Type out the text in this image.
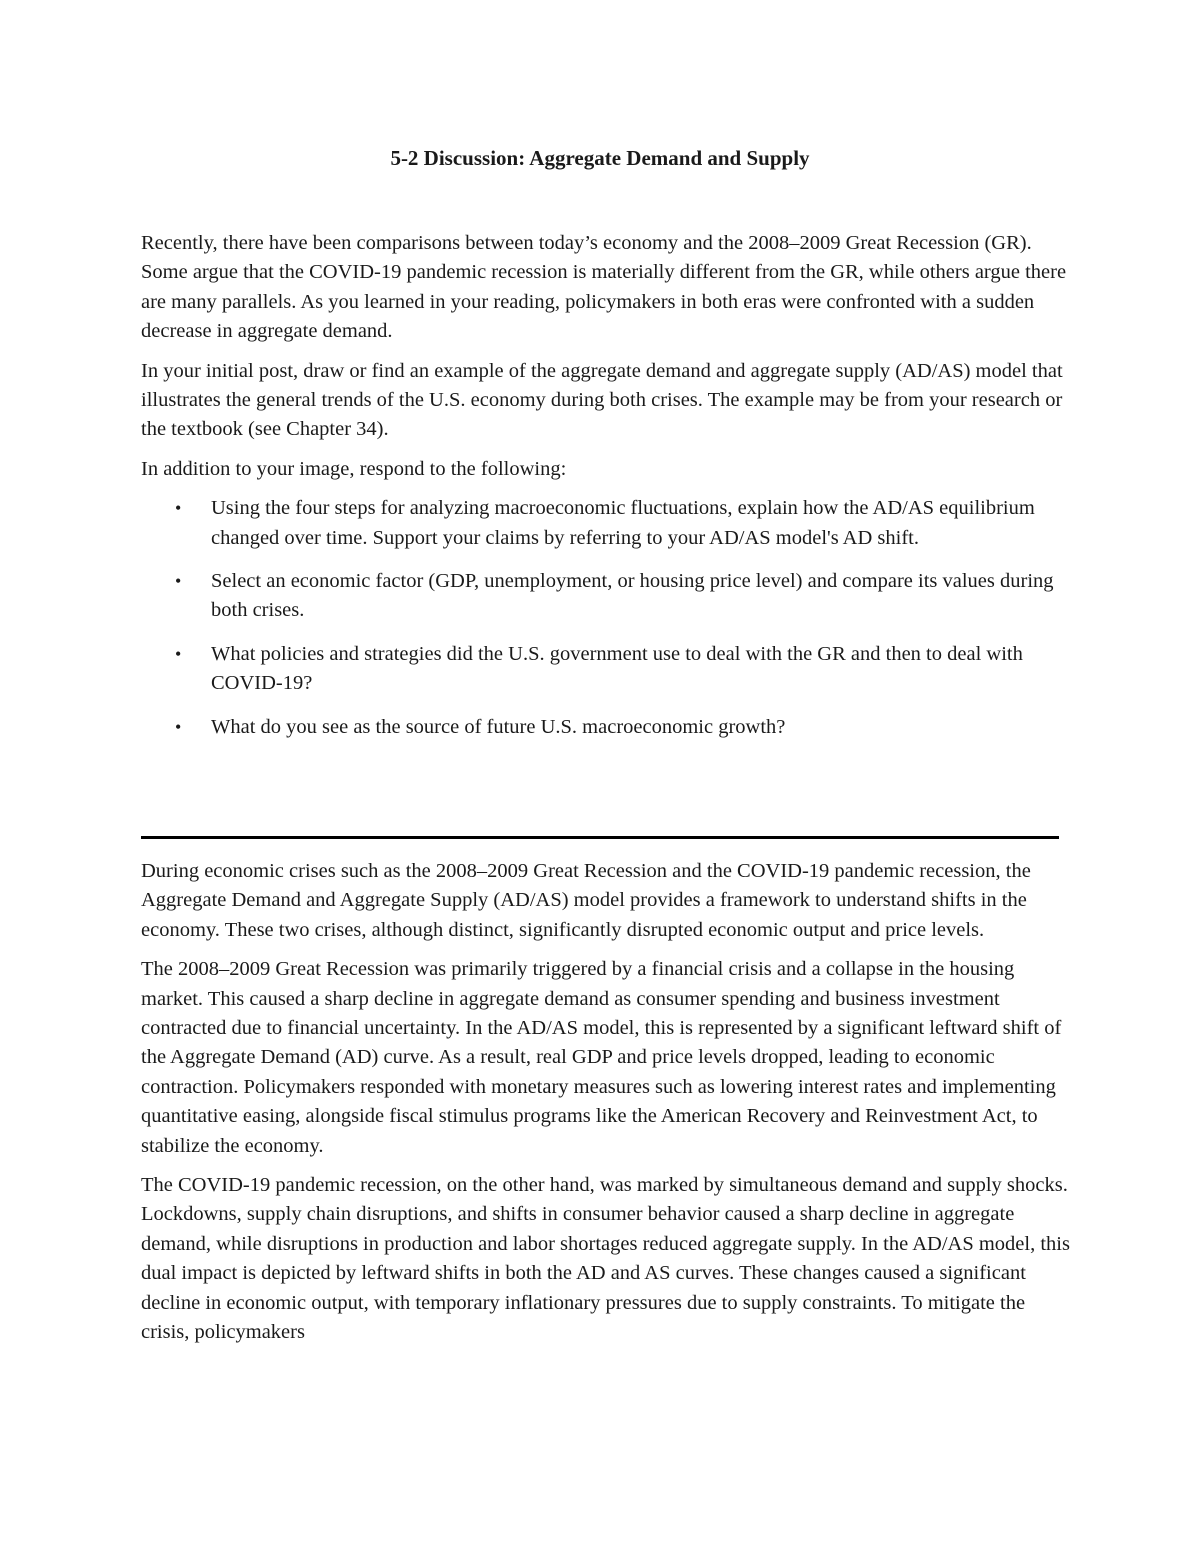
5-2 Discussion: Aggregate Demand and Supply

Recently, there have been comparisons between today’s economy and the 2008–2009 Great Recession (GR). Some argue that the COVID-19 pandemic recession is materially different from the GR, while others argue there are many parallels. As you learned in your reading, policymakers in both eras were confronted with a sudden decrease in aggregate demand.

In your initial post, draw or find an example of the aggregate demand and aggregate supply (AD/AS) model that illustrates the general trends of the U.S. economy during both crises. The example may be from your research or the textbook (see Chapter 34).

In addition to your image, respond to the following:

• Using the four steps for analyzing macroeconomic fluctuations, explain how the AD/AS equilibrium changed over time. Support your claims by referring to your AD/AS model's AD shift.
• Select an economic factor (GDP, unemployment, or housing price level) and compare its values during both crises.
• What policies and strategies did the U.S. government use to deal with the GR and then to deal with COVID-19?
• What do you see as the source of future U.S. macroeconomic growth?

During economic crises such as the 2008–2009 Great Recession and the COVID-19 pandemic recession, the Aggregate Demand and Aggregate Supply (AD/AS) model provides a framework to understand shifts in the economy. These two crises, although distinct, significantly disrupted economic output and price levels.

The 2008–2009 Great Recession was primarily triggered by a financial crisis and a collapse in the housing market. This caused a sharp decline in aggregate demand as consumer spending and business investment contracted due to financial uncertainty. In the AD/AS model, this is represented by a significant leftward shift of the Aggregate Demand (AD) curve. As a result, real GDP and price levels dropped, leading to economic contraction. Policymakers responded with monetary measures such as lowering interest rates and implementing quantitative easing, alongside fiscal stimulus programs like the American Recovery and Reinvestment Act, to stabilize the economy.

The COVID-19 pandemic recession, on the other hand, was marked by simultaneous demand and supply shocks. Lockdowns, supply chain disruptions, and shifts in consumer behavior caused a sharp decline in aggregate demand, while disruptions in production and labor shortages reduced aggregate supply. In the AD/AS model, this dual impact is depicted by leftward shifts in both the AD and AS curves. These changes caused a significant decline in economic output, with temporary inflationary pressures due to supply constraints. To mitigate the crisis, policymakers
